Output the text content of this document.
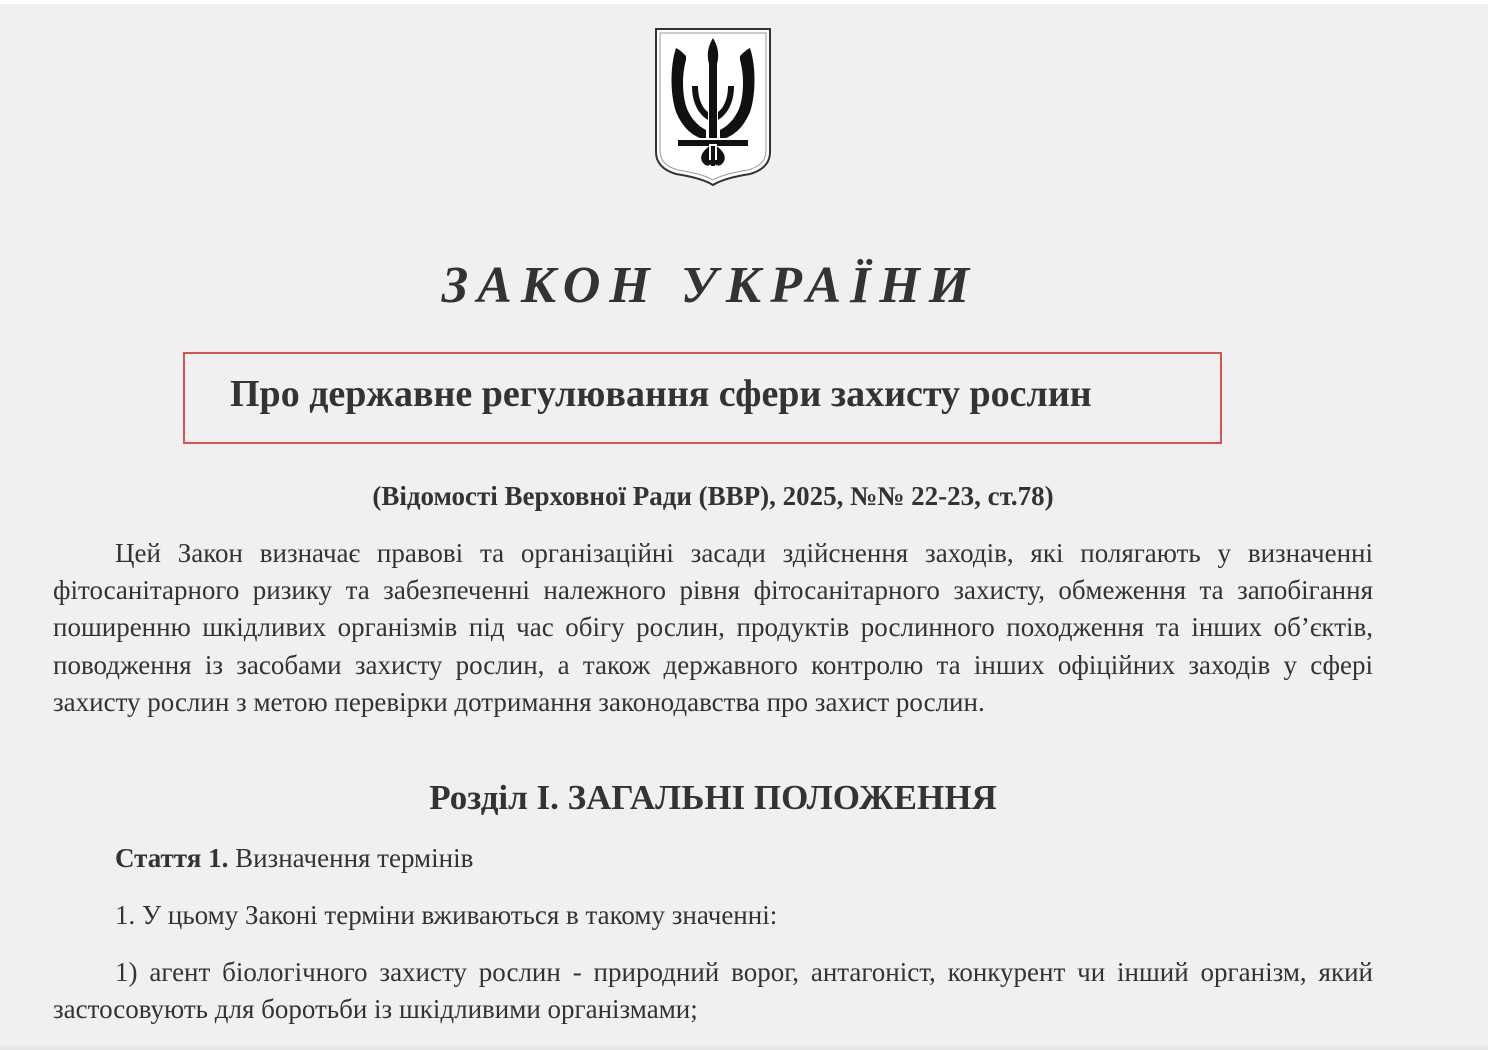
ЗАКОН УКРАЇНИ
Про державне регулювання сфери захисту рослин

(Відомості Верховної Ради (ВВР), 2025, №№ 22-23, ст.78)

Цей Закон визначає правові та організаційні засади здійснення заходів, які полягають у визначенні фітосанітарного ризику та забезпеченні належного рівня фітосанітарного захисту, обмеження та запобігання поширенню шкідливих організмів під час обігу рослин, продуктів рослинного походження та інших об’єктів, поводження із засобами захисту рослин, а також державного контролю та інших офіційних заходів у сфері захисту рослин з метою перевірки дотримання законодавства про захист рослин.

Розділ I. ЗАГАЛЬНІ ПОЛОЖЕННЯ

Стаття 1. Визначення термінів

1. У цьому Законі терміни вживаються в такому значенні:

1) агент біологічного захисту рослин - природний ворог, антагоніст, конкурент чи інший організм, який застосовують для боротьби із шкідливими організмами;
